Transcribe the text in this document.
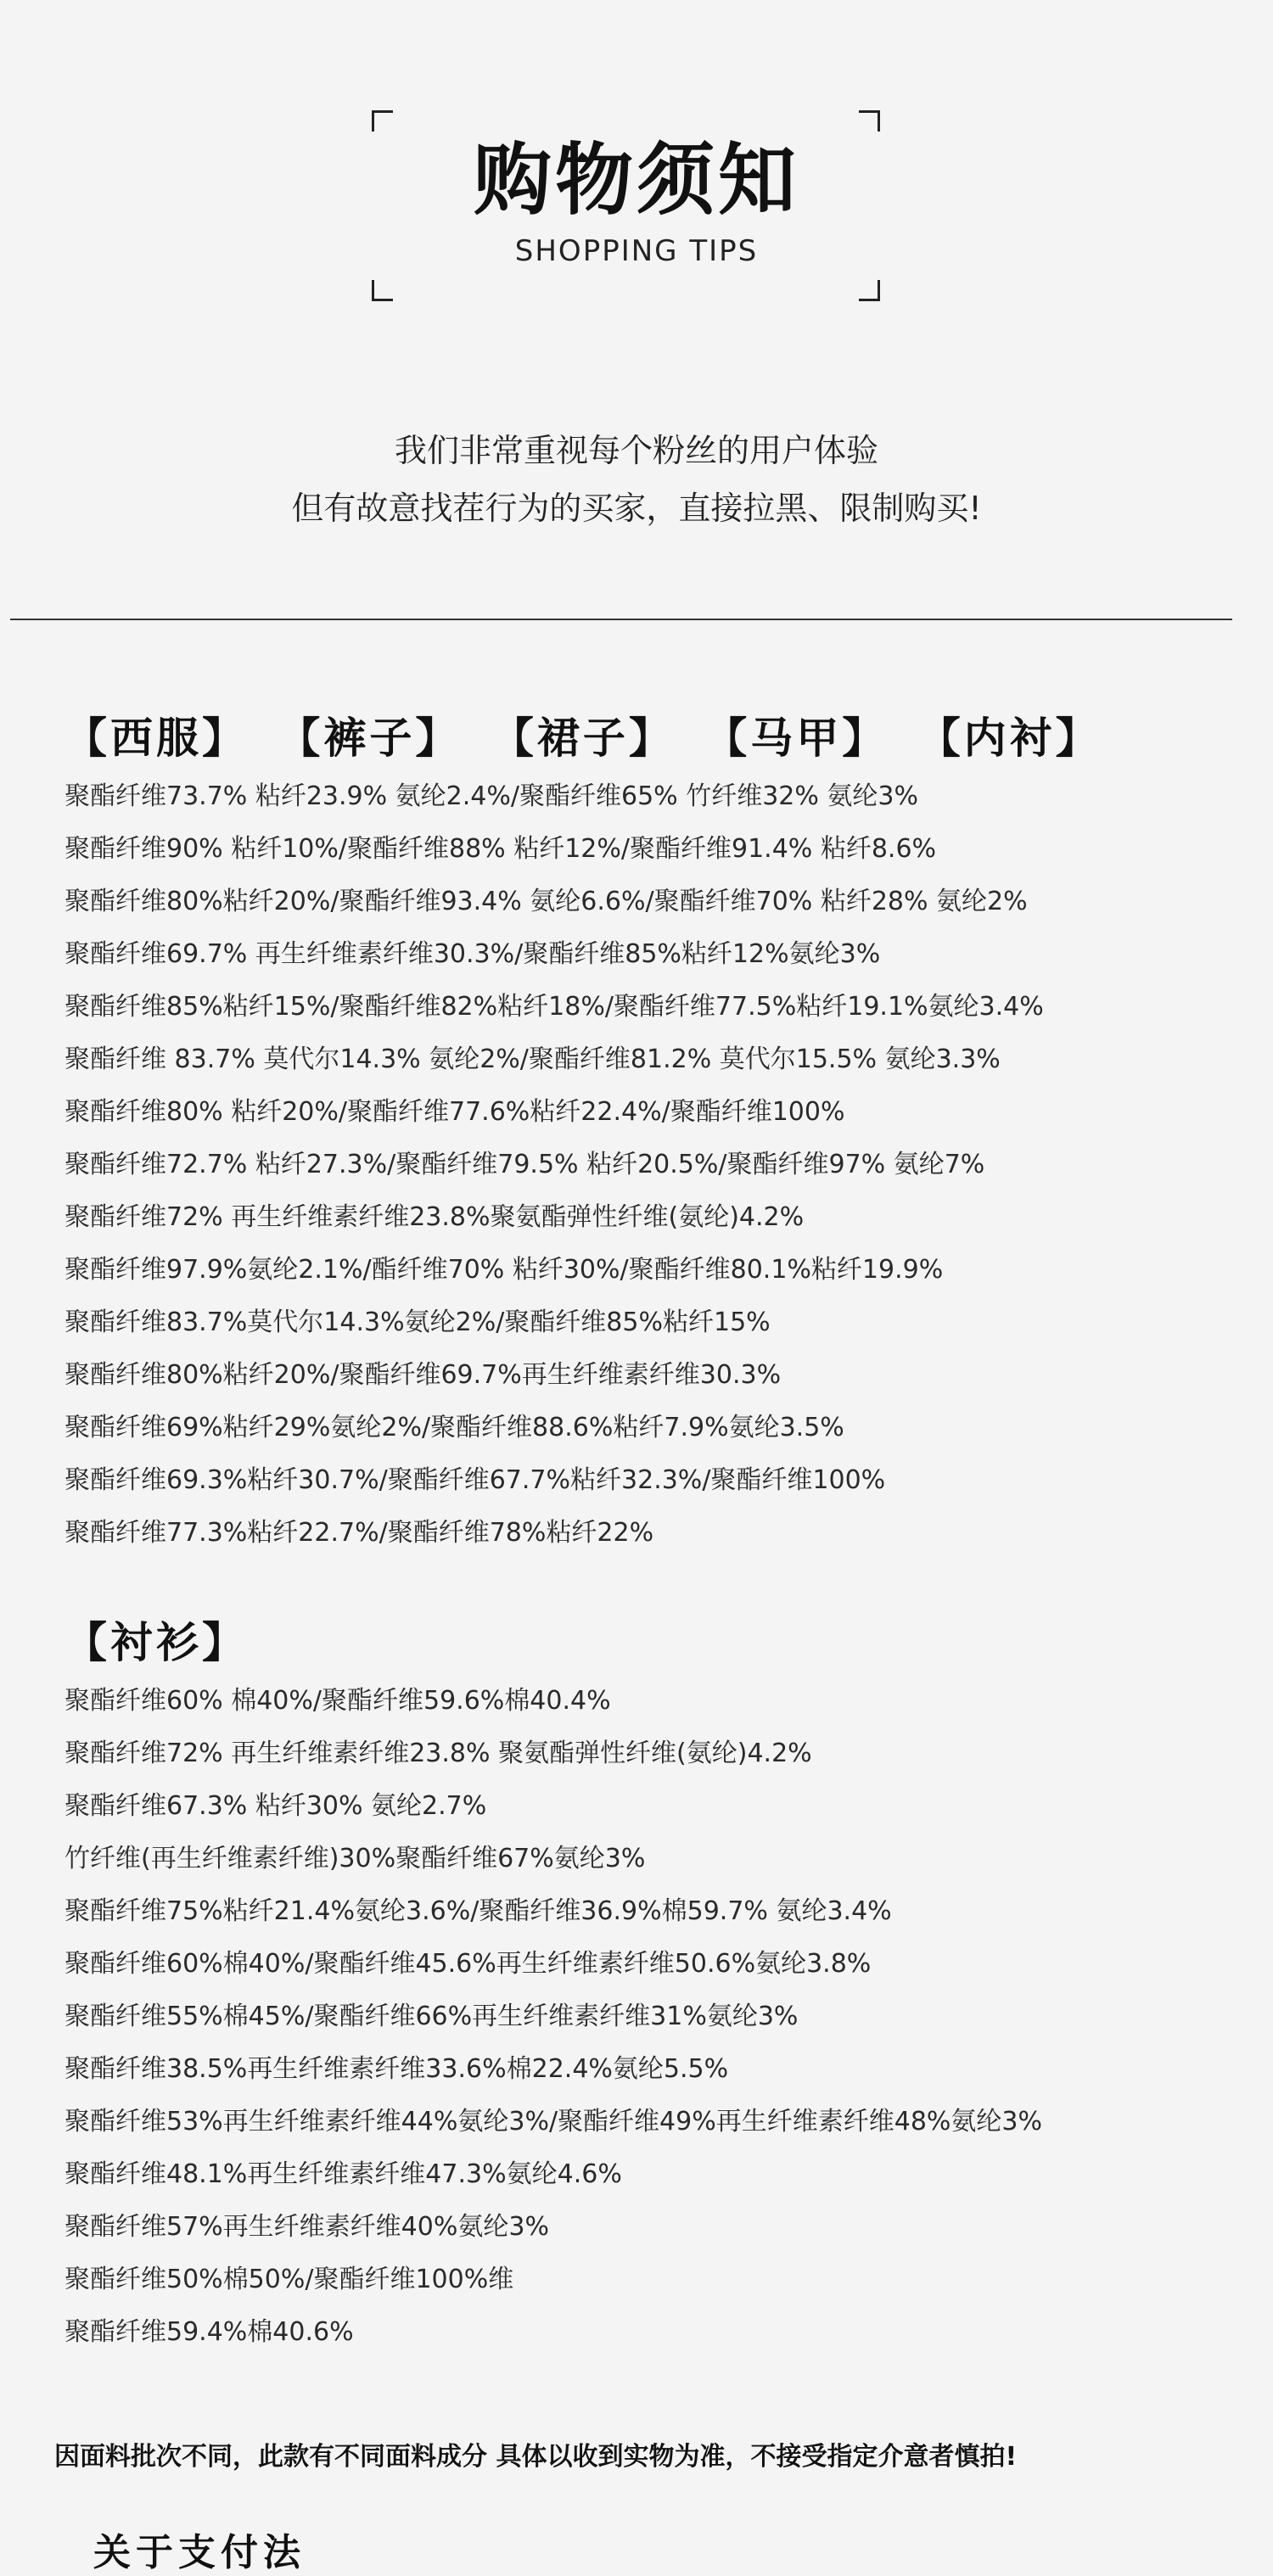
购物须知
SHOPPING TIPS
我们非常重视每个粉丝的用户体验
但有故意找茬行为的买家，直接拉黑、限制购买!
【西服】 【裤子】 【裙子】 【马甲】 【内衬】
聚酯纤维73.7% 粘纤23.9% 氨纶2.4%/聚酯纤维65% 竹纤维32% 氨纶3%
聚酯纤维90% 粘纤10%/聚酯纤维88% 粘纤12%/聚酯纤维91.4% 粘纤8.6%
聚酯纤维80%粘纤20%/聚酯纤维93.4% 氨纶6.6%/聚酯纤维70% 粘纤28% 氨纶2%
聚酯纤维69.7% 再生纤维素纤维30.3%/聚酯纤维85%粘纤12%氨纶3%
聚酯纤维85%粘纤15%/聚酯纤维82%粘纤18%/聚酯纤维77.5%粘纤19.1%氨纶3.4%
聚酯纤维 83.7% 莫代尔14.3% 氨纶2%/聚酯纤维81.2% 莫代尔15.5% 氨纶3.3%
聚酯纤维80% 粘纤20%/聚酯纤维77.6%粘纤22.4%/聚酯纤维100%
聚酯纤维72.7% 粘纤27.3%/聚酯纤维79.5% 粘纤20.5%/聚酯纤维97% 氨纶7%
聚酯纤维72% 再生纤维素纤维23.8%聚氨酯弹性纤维(氨纶)4.2%
聚酯纤维97.9%氨纶2.1%/酯纤维70% 粘纤30%/聚酯纤维80.1%粘纤19.9%
聚酯纤维83.7%莫代尔14.3%氨纶2%/聚酯纤维85%粘纤15%
聚酯纤维80%粘纤20%/聚酯纤维69.7%再生纤维素纤维30.3%
聚酯纤维69%粘纤29%氨纶2%/聚酯纤维88.6%粘纤7.9%氨纶3.5%
聚酯纤维69.3%粘纤30.7%/聚酯纤维67.7%粘纤32.3%/聚酯纤维100%
聚酯纤维77.3%粘纤22.7%/聚酯纤维78%粘纤22%
【衬衫】
聚酯纤维60% 棉40%/聚酯纤维59.6%棉40.4%
聚酯纤维72% 再生纤维素纤维23.8% 聚氨酯弹性纤维(氨纶)4.2%
聚酯纤维67.3% 粘纤30% 氨纶2.7%
竹纤维(再生纤维素纤维)30%聚酯纤维67%氨纶3%
聚酯纤维75%粘纤21.4%氨纶3.6%/聚酯纤维36.9%棉59.7% 氨纶3.4%
聚酯纤维60%棉40%/聚酯纤维45.6%再生纤维素纤维50.6%氨纶3.8%
聚酯纤维55%棉45%/聚酯纤维66%再生纤维素纤维31%氨纶3%
聚酯纤维38.5%再生纤维素纤维33.6%棉22.4%氨纶5.5%
聚酯纤维53%再生纤维素纤维44%氨纶3%/聚酯纤维49%再生纤维素纤维48%氨纶3%
聚酯纤维48.1%再生纤维素纤维47.3%氨纶4.6%
聚酯纤维57%再生纤维素纤维40%氨纶3%
聚酯纤维50%棉50%/聚酯纤维100%维
聚酯纤维59.4%棉40.6%
因面料批次不同，此款有不同面料成分 具体以收到实物为准，不接受指定介意者慎拍!
关于支付法
